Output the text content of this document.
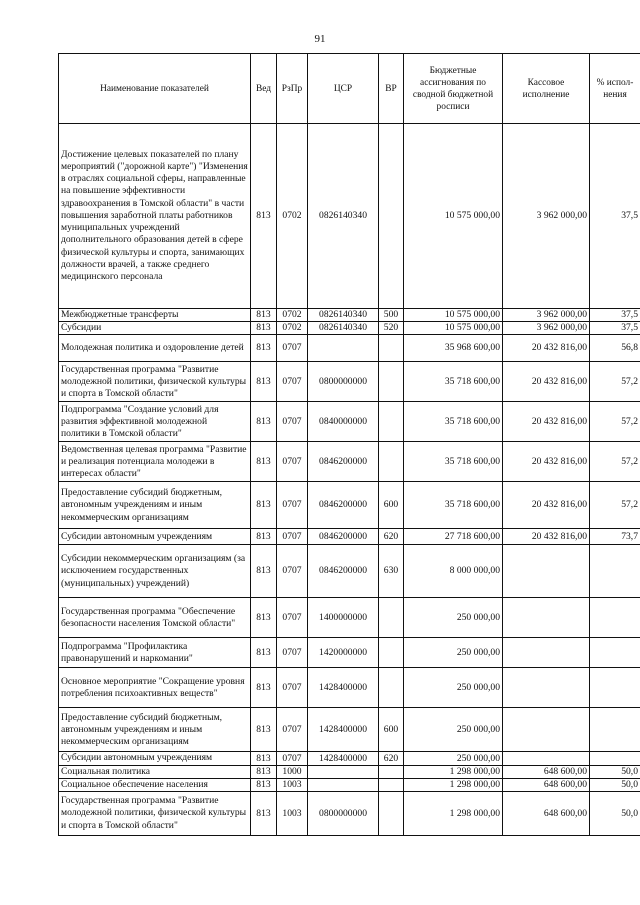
91
Наименование показателей	Вед	РзПр	ЦСР	ВР	Бюджетные ассигнования по сводной бюджетной росписи	Кассовое исполнение	% испол-нения
Достижение целевых показателей по плану мероприятий ("дорожной карте") "Изменения в отраслях социальной сферы, направленные на повышение эффективности здравоохранения в Томской области" в части повышения заработной платы работников муниципальных учреждений дополнительного образования детей в сфере физической культуры и спорта, занимающих должности врачей, а также среднего медицинского персонала	813	0702	0826140340		10 575 000,00	3 962 000,00	37,5
Межбюджетные трансферты	813	0702	0826140340	500	10 575 000,00	3 962 000,00	37,5
Субсидии	813	0702	0826140340	520	10 575 000,00	3 962 000,00	37,5
Молодежная политика и оздоровление детей	813	0707			35 968 600,00	20 432 816,00	56,8
Государственная программа "Развитие молодежной политики, физической культуры и спорта в Томской области"	813	0707	0800000000		35 718 600,00	20 432 816,00	57,2
Подпрограмма "Создание условий для развития эффективной молодежной политики в Томской области"	813	0707	0840000000		35 718 600,00	20 432 816,00	57,2
Ведомственная целевая программа "Развитие и реализация потенциала молодежи в интересах области"	813	0707	0846200000		35 718 600,00	20 432 816,00	57,2
Предоставление субсидий бюджетным, автономным учреждениям и иным некоммерческим организациям	813	0707	0846200000	600	35 718 600,00	20 432 816,00	57,2
Субсидии автономным учреждениям	813	0707	0846200000	620	27 718 600,00	20 432 816,00	73,7
Субсидии некоммерческим организациям (за исключением государственных (муниципальных) учреждений)	813	0707	0846200000	630	8 000 000,00		
Государственная программа "Обеспечение безопасности населения Томской области"	813	0707	1400000000		250 000,00		
Подпрограмма "Профилактика правонарушений и наркомании"	813	0707	1420000000		250 000,00		
Основное мероприятие "Сокращение уровня потребления психоактивных веществ"	813	0707	1428400000		250 000,00		
Предоставление субсидий бюджетным, автономным учреждениям и иным некоммерческим организациям	813	0707	1428400000	600	250 000,00		
Субсидии автономным учреждениям	813	0707	1428400000	620	250 000,00		
Социальная политика	813	1000			1 298 000,00	648 600,00	50,0
Социальное обеспечение населения	813	1003			1 298 000,00	648 600,00	50,0
Государственная программа "Развитие молодежной политики, физической культуры и спорта в Томской области"	813	1003	0800000000		1 298 000,00	648 600,00	50,0
